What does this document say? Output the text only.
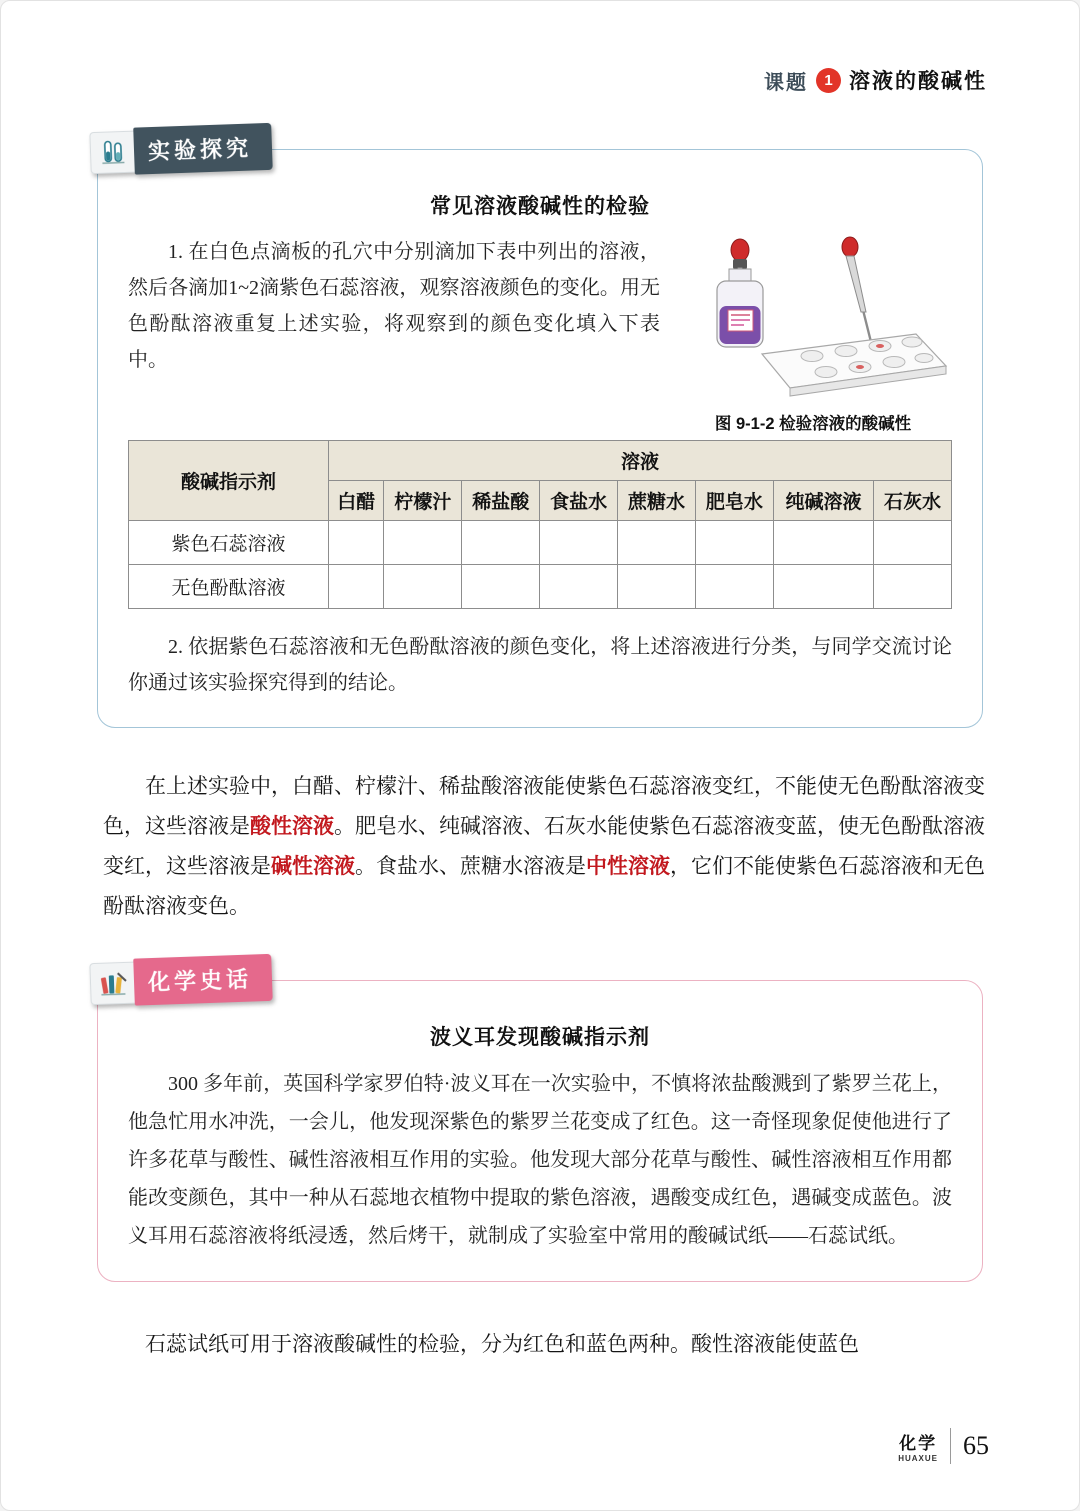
课题	1 溶液的酸碱性
实验探究
常见溶液酸碱性的检验
图 9-1-2 检验溶液的酸碱性

1. 在白色点滴板的孔穴中分别滴加下表中列出的溶液，然后各滴加1~2滴紫色石蕊溶液，观察溶液颜色的变化。用无色酚酞溶液重复上述实验，将观察到的颜色变化填入下表中。

酸碱指示剂	溶液							
	白醋	柠檬汁	稀盐酸	食盐水	蔗糖水	肥皂水	纯碱溶液	石灰水
紫色石蕊溶液								
无色酚酞溶液								

2. 依据紫色石蕊溶液和无色酚酞溶液的颜色变化，将上述溶液进行分类，与同学交流讨论你通过该实验探究得到的结论。

在上述实验中，白醋、柠檬汁、稀盐酸溶液能使紫色石蕊溶液变红，不能使无色酚酞溶液变色，这些溶液是酸性溶液。肥皂水、纯碱溶液、石灰水能使紫色石蕊溶液变蓝，使无色酚酞溶液变红，这些溶液是碱性溶液。食盐水、蔗糖水溶液是中性溶液，它们不能使紫色石蕊溶液和无色酚酞溶液变色。

化学史话
波义耳发现酸碱指示剂

300 多年前，英国科学家罗伯特·波义耳在一次实验中，不慎将浓盐酸溅到了紫罗兰花上，他急忙用水冲洗，一会儿，他发现深紫色的紫罗兰花变成了红色。这一奇怪现象促使他进行了许多花草与酸性、碱性溶液相互作用的实验。他发现大部分花草与酸性、碱性溶液相互作用都能改变颜色，其中一种从石蕊地衣植物中提取的紫色溶液，遇酸变成红色，遇碱变成蓝色。波义耳用石蕊溶液将纸浸透，然后烤干，就制成了实验室中常用的酸碱试纸——石蕊试纸。

石蕊试纸可用于溶液酸碱性的检验，分为红色和蓝色两种。酸性溶液能使蓝色

化学
HUAXUE 65
